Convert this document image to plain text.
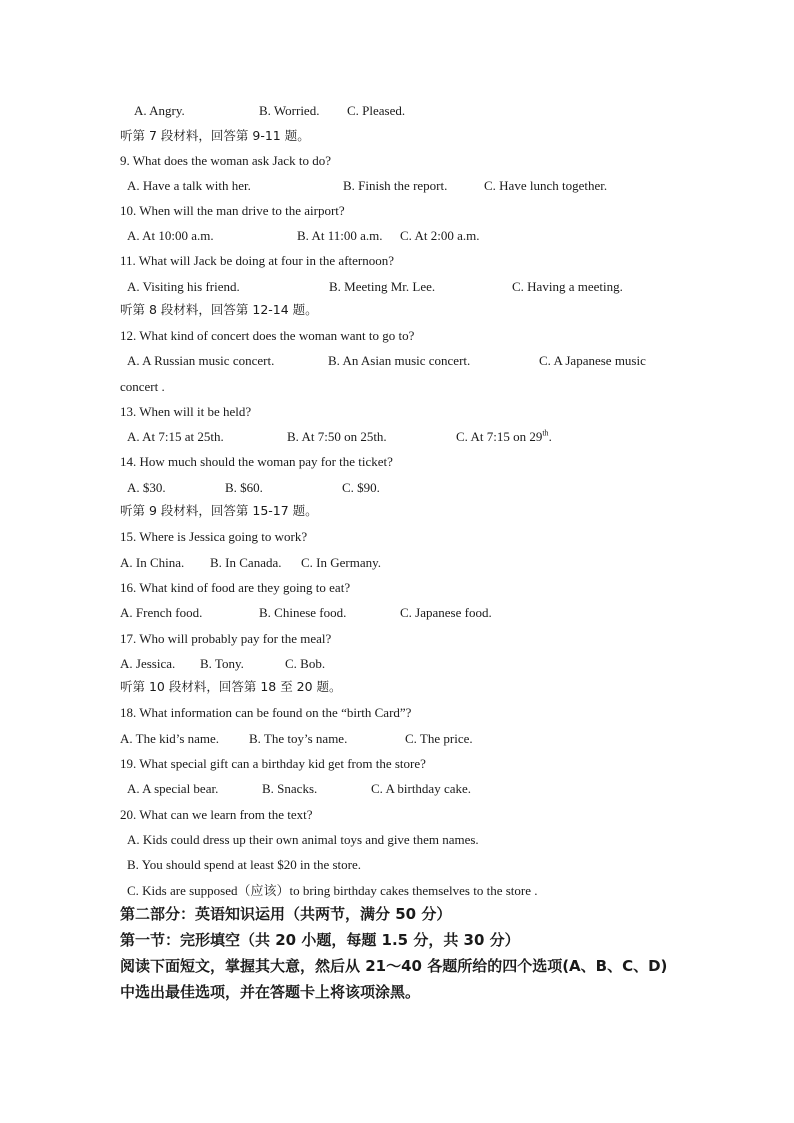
A. Angry.	B. Worried. C. Pleased.
听第 7 段材料，回答第 9-11 题。
9. What does the woman ask Jack to do?
A. Have a talk with her.	B. Finish the report.	C. Have lunch together.
10. When will the man drive to the airport?
A. At 10:00 a.m.	B. At 11:00 a.m. C. At 2:00 a.m.
11. What will Jack be doing at four in the afternoon?
A. Visiting his friend.	B. Meeting Mr. Lee.	C. Having a meeting.
听第 8 段材料，回答第 12-14 题。
12. What kind of concert does the woman want to go to?
A. A Russian music concert.	B. An Asian music concert.	C. A Japanese music
concert .
13. When will it be held?
A. At 7:15 at 25th.	B. At 7:50 on 25th.	C. At 7:15 on 29th.
14. How much should the woman pay for the ticket?
A. $30.	B. $60.	C. $90.
听第 9 段材料，回答第 15-17 题。
15. Where is Jessica going to work?
A. In China. B. In Canada. C. In Germany.
16. What kind of food are they going to eat?
A. French food.	B. Chinese food.	C. Japanese food.
17. Who will probably pay for the meal?
A. Jessica. B. Tony.	C. Bob.
听第 10 段材料，回答第 18 至 20 题。
18. What information can be found on the “birth Card”?
A. The kid’s name. B. The toy’s name.	C. The price.
19. What special gift can a birthday kid get from the store?
A. A special bear.	B. Snacks.	C. A birthday cake.
20. What can we learn from the text?
A. Kids could dress up their own animal toys and give them names.
B. You should spend at least $20 in the store.
C. Kids are supposed（应该）to bring birthday cakes themselves to the store .
第二部分：英语知识运用（共两节，满分 50 分）
第一节：完形填空（共 20 小题，每题 1.5 分，共 30 分）
阅读下面短文，掌握其大意，然后从 21～40 各题所给的四个选项(A、B、C、D)
中选出最佳选项，并在答题卡上将该项涂黑。
